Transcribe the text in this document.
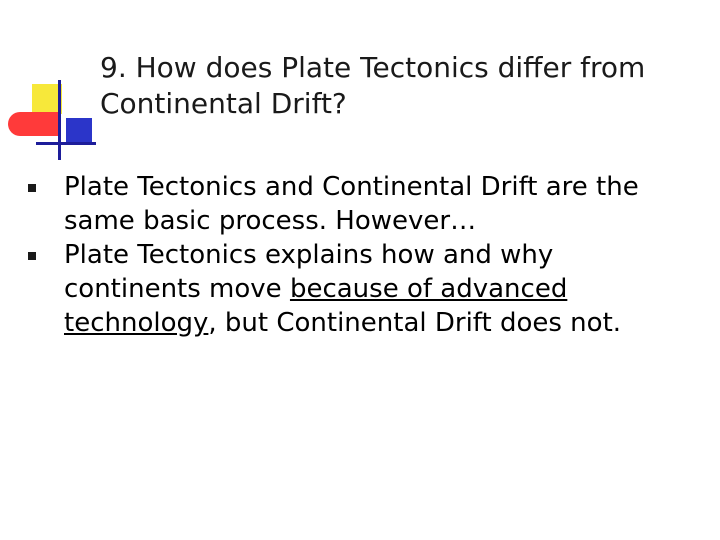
9. How does Plate Tectonics differ from Continental Drift?
Plate Tectonics and Continental Drift are the same basic process. However…
Plate Tectonics explains how and why continents move because of advanced technology, but Continental Drift does not.
